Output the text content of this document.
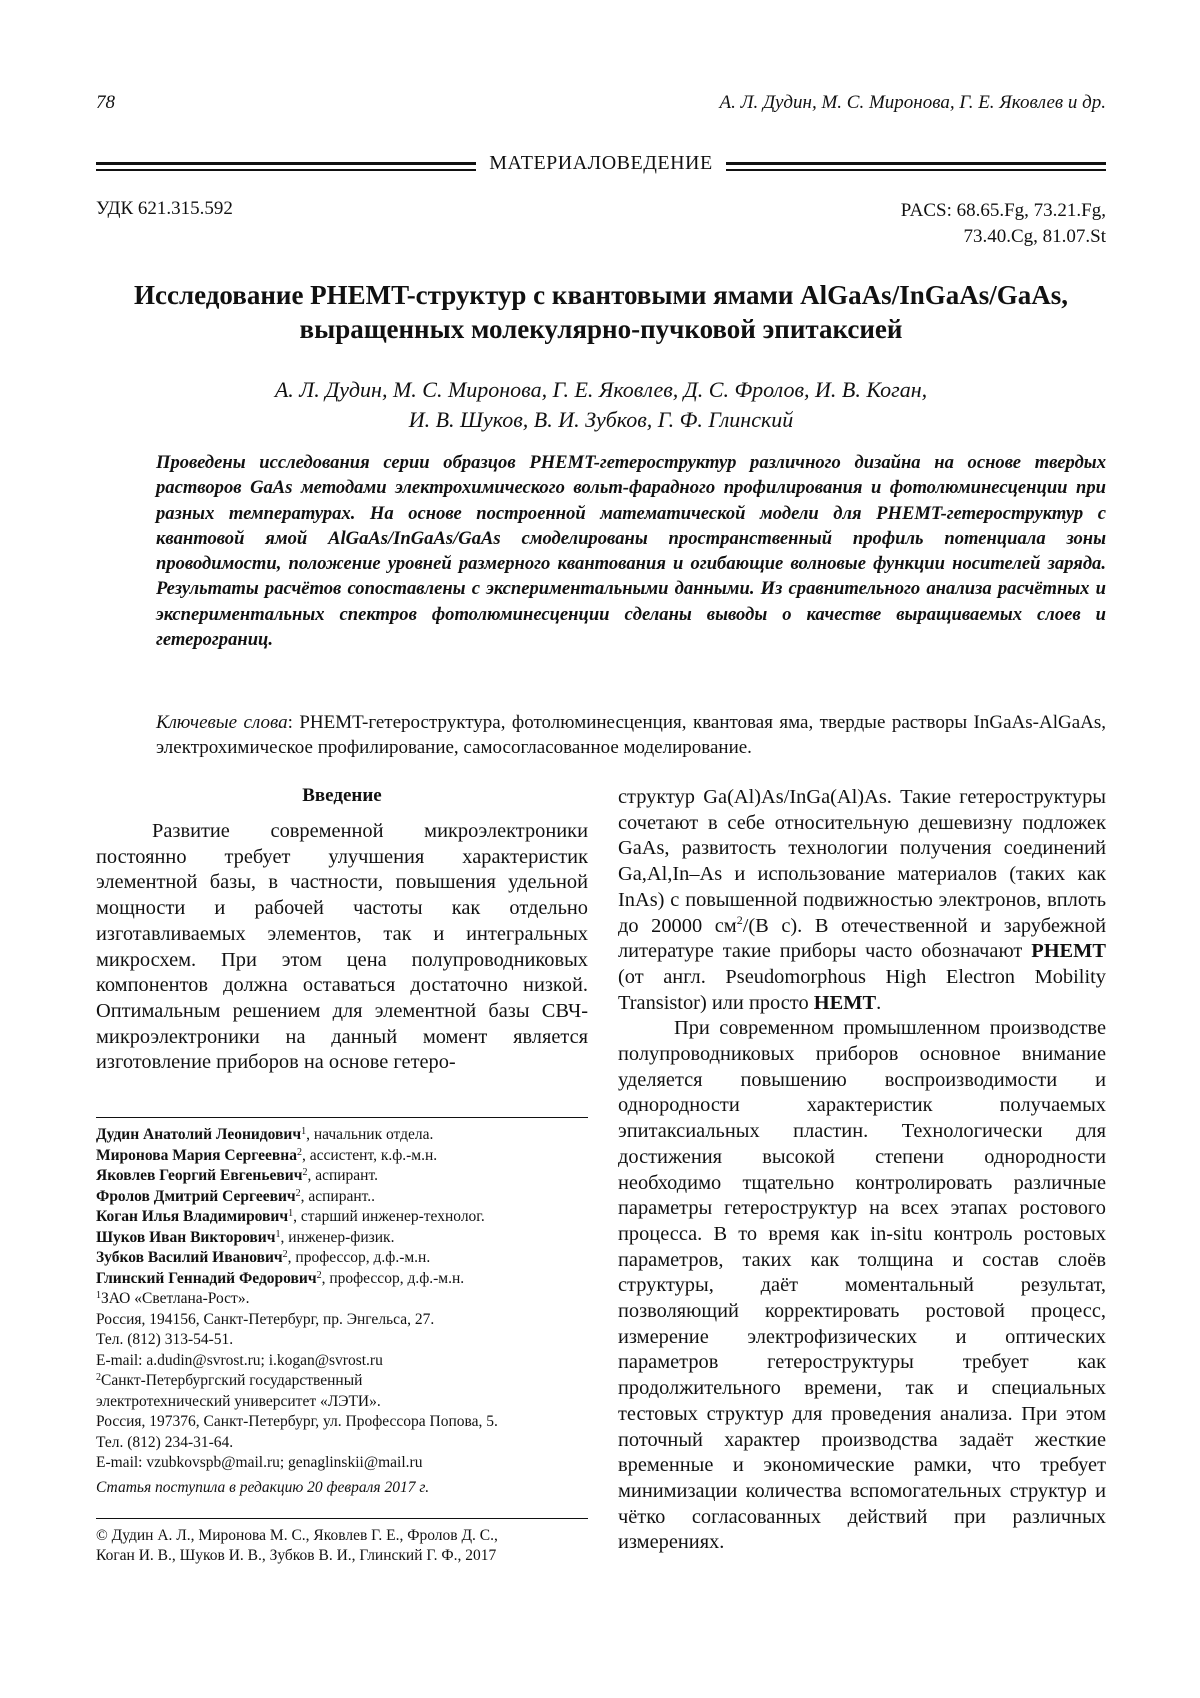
78	А. Л. Дудин, М. С. Миронова, Г. Е. Яковлев и др.
МАТЕРИАЛОВЕДЕНИЕ
УДК 621.315.592	PACS: 68.65.Fg, 73.21.Fg,
73.40.Cg, 81.07.St
Исследование PHEMT-структур с квантовыми ямами AlGaAs/InGaAs/GaAs,
выращенных молекулярно-пучковой эпитаксией
А. Л. Дудин, М. С. Миронова, Г. Е. Яковлев, Д. С. Фролов, И. В. Коган,
И. В. Шуков, В. И. Зубков, Г. Ф. Глинский
Проведены исследования серии образцов PHEMT-гетероструктур различного дизайна на основе твердых растворов GaAs методами электрохимического вольт-фарадного профилирования и фотолюминесценции при разных температурах. На основе построенной математической модели для PHEMT-гетероструктур с квантовой ямой AlGaAs/InGaAs/GaAs смоделированы пространственный профиль потенциала зоны проводимости, положение уровней размерного квантования и огибающие волновые функции носителей заряда. Результаты расчётов сопоставлены с экспериментальными данными. Из сравнительного анализа расчётных и экспериментальных спектров фотолюминесценции сделаны выводы о качестве выращиваемых слоев и гетерограниц.
Ключевые слова: PHEMT-гетероструктура, фотолюминесценция, квантовая яма, твердые растворы InGaAs-AlGaAs, электрохимическое профилирование, самосогласованное моделирование.
Введение

Развитие современной микроэлектроники постоянно требует улучшения характеристик элементной базы, в частности, повышения удельной мощности и рабочей частоты как отдельно изготавливаемых элементов, так и интегральных микросхем. При этом цена полупроводниковых компонентов должна оставаться достаточно низкой. Оптимальным решением для элементной базы СВЧ-микроэлектроники на данный момент является изготовление приборов на основе гетеро-

структур Ga(Al)As/InGa(Al)As. Такие гетероструктуры сочетают в себе относительную дешевизну подложек GaAs, развитость технологии получения соединений Ga,Al,In–As и использование материалов (таких как InAs) с повышенной подвижностью электронов, вплоть до 20000 $см^2/(В$ с). В отечественной и зарубежной литературе такие приборы часто обозначают PHEMT (от англ. Pseudomorphous High Electron Mobility Transistor) или просто HEMT.

При современном промышленном производстве полупроводниковых приборов основное внимание уделяется повышению воспроизводимости и однородности характеристик получаемых эпитаксиальных пластин. Технологически для достижения высокой степени однородности необходимо тщательно контролировать различные параметры гетероструктур на всех этапах ростового процесса. В то время как in-situ контроль ростовых параметров, таких как толщина и состав слоёв структуры, даёт моментальный результат, позволяющий корректировать ростовой процесс, измерение электрофизических и оптических параметров гетероструктуры требует как продолжительного времени, так и специальных тестовых структур для проведения анализа. При этом поточный характер производства задаёт жесткие временные и экономические рамки, что требует минимизации количества вспомогательных структур и чётко согласованных действий при различных измерениях.

Дудин Анатолий Леонидович$^1$, начальник отдела.
Миронова Мария Сергеевна$^2$, ассистент, к.ф.-м.н.
Яковлев Георгий Евгеньевич$^2$, аспирант.
Фролов Дмитрий Сергеевич$^2$, аспирант..
Коган Илья Владимирович$^1$, старший инженер-технолог.
Шуков Иван Викторович$^1$, инженер-физик.
Зубков Василий Иванович$^2$, профессор, д.ф.-м.н.
Глинский Геннадий Федорович$^2$, профессор, д.ф.-м.н.
$^1$ЗАО «Светлана-Рост».
Россия, 194156, Санкт-Петербург, пр. Энгельса, 27.
Тел. (812) 313-54-51.
E-mail: a.dudin@svrost.ru; i.kogan@svrost.ru
$^2$Санкт-Петербургский государственный
электротехнический университет «ЛЭТИ».
Россия, 197376, Санкт-Петербург, ул. Профессора Попова, 5.
Тел. (812) 234-31-64.
E-mail: vzubkovspb@mail.ru; genaglinskii@mail.ru
Статья поступила в редакцию 20 февраля 2017 г.
© Дудин А. Л., Миронова М. С., Яковлев Г. Е., Фролов Д. С.,
Коган И. В., Шуков И. В., Зубков В. И., Глинский Г. Ф., 2017
